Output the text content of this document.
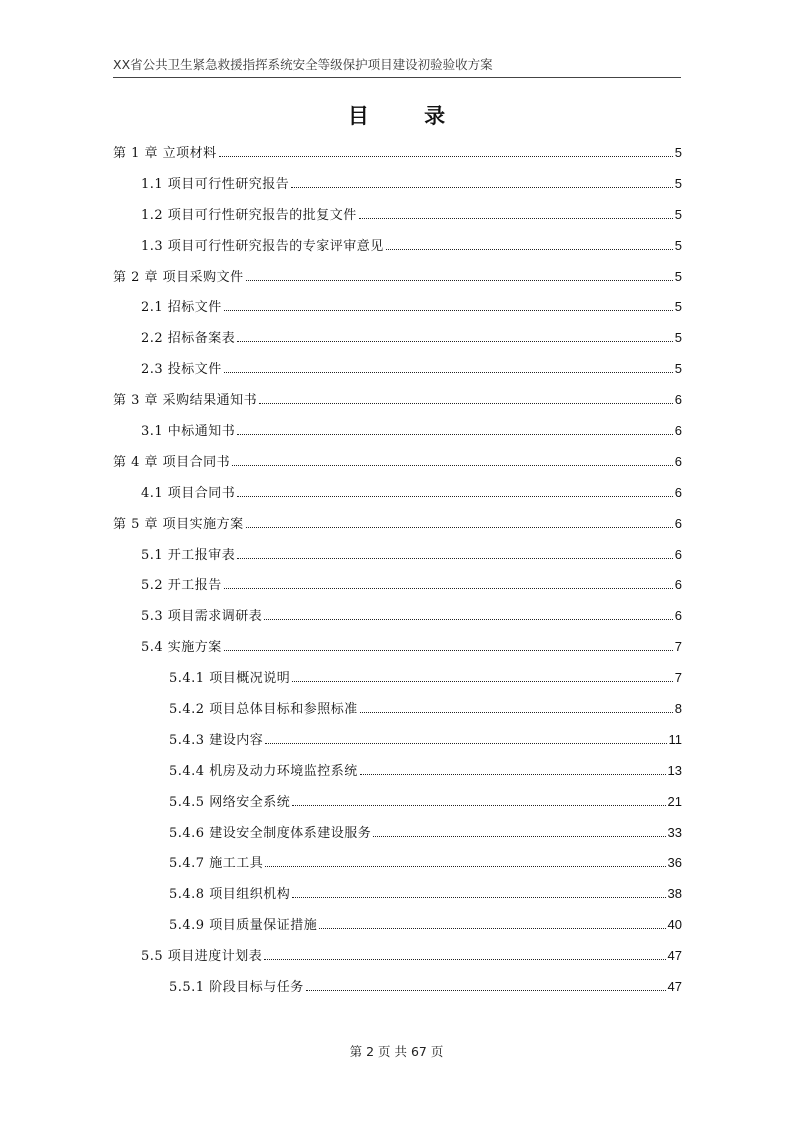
XX省公共卫生紧急救援指挥系统安全等级保护项目建设初验验收方案
目 录
第 1 章 立项材料	5
1.1 项目可行性研究报告	5
1.2 项目可行性研究报告的批复文件	5
1.3 项目可行性研究报告的专家评审意见	5
第 2 章 项目采购文件	5
2.1 招标文件	5
2.2 招标备案表	5
2.3 投标文件	5
第 3 章 采购结果通知书	6
3.1 中标通知书	6
第 4 章 项目合同书	6
4.1 项目合同书	6
第 5 章 项目实施方案	6
5.1 开工报审表	6
5.2 开工报告	6
5.3 项目需求调研表	6
5.4 实施方案	7
5.4.1 项目概况说明	7
5.4.2 项目总体目标和参照标准	8
5.4.3 建设内容	11
5.4.4 机房及动力环境监控系统	13
5.4.5 网络安全系统	21
5.4.6 建设安全制度体系建设服务	33
5.4.7 施工工具	36
5.4.8 项目组织机构	38
5.4.9 项目质量保证措施	40
5.5 项目进度计划表	47
5.5.1 阶段目标与任务	47
第 2 页 共 67 页
